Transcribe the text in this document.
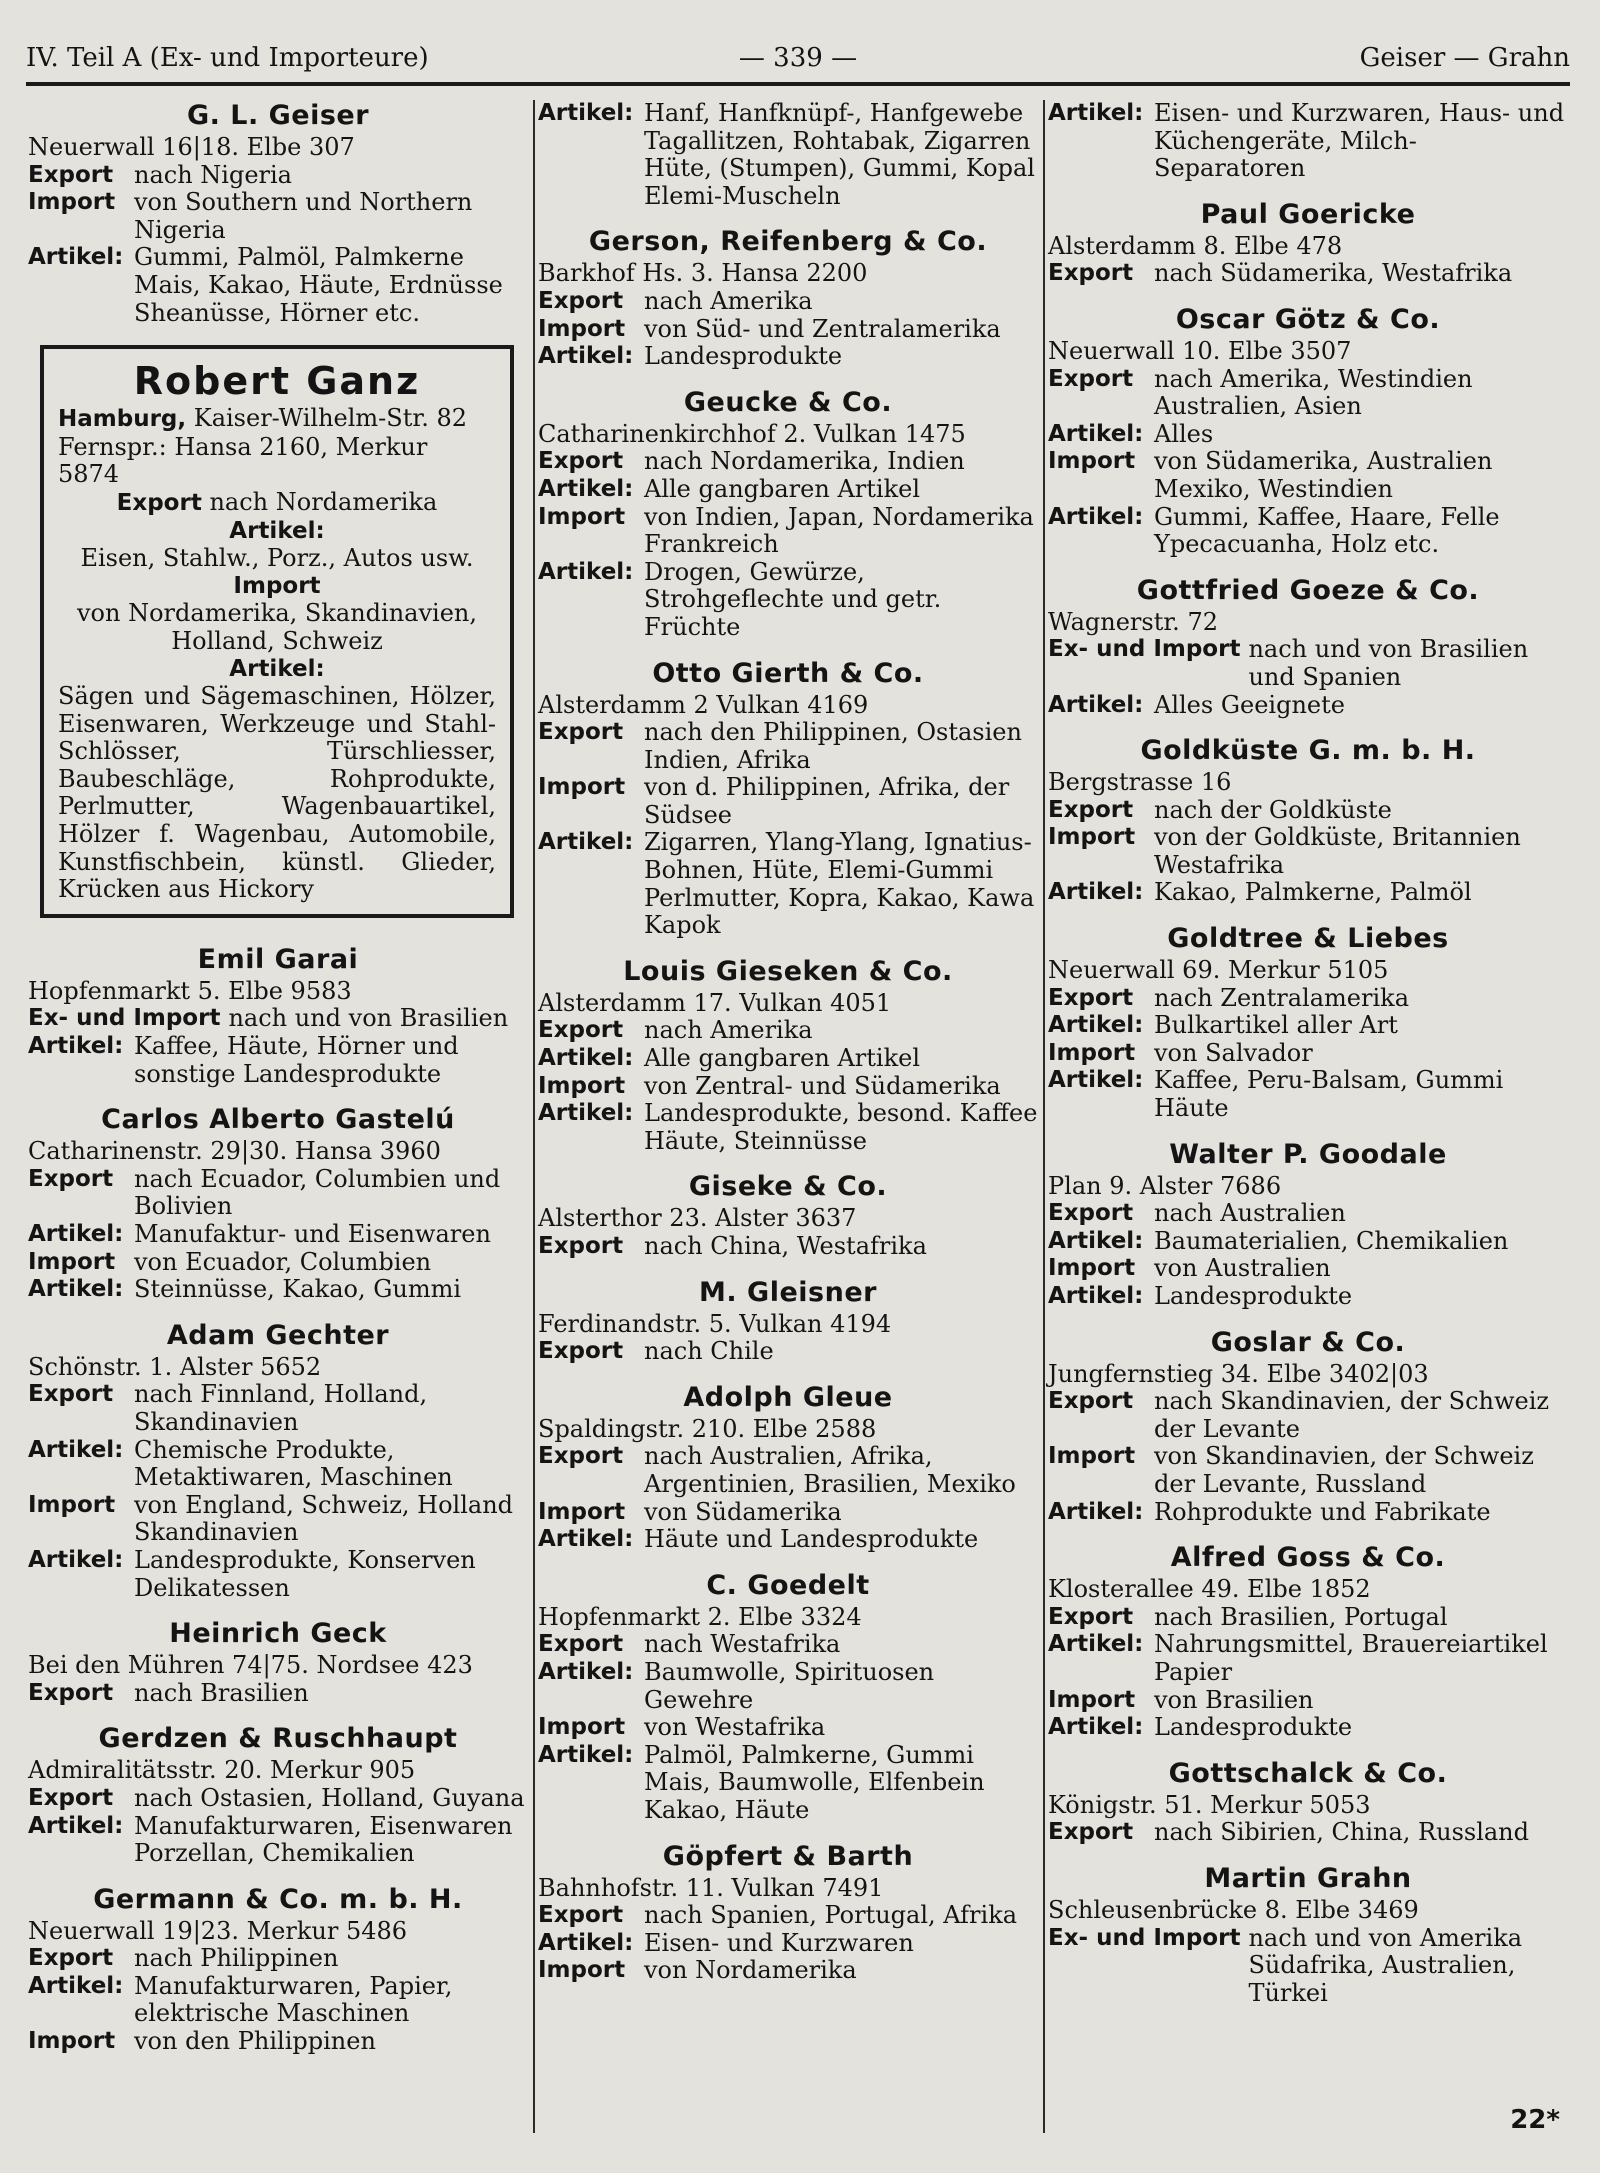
IV. Teil A (Ex- und Importeure)	— 339 —	Geiser — Grahn
G. L. Geiser
Neuerwall 16|18. Elbe 307
Export nach Nigeria
Import von Southern und Northern Nigeria
Artikel: Gummi, Palmöl, Palmkerne Mais, Kakao, Häute, Erdnüsse Sheanüsse, Hörner etc.
Robert Ganz
Hamburg, Kaiser-Wilhelm-Str. 82
Fernspr.: Hansa 2160, Merkur 5874
Export nach Nordamerika
Artikel:
Eisen, Stahlw., Porz., Autos usw.
Import
von Nordamerika, Skandinavien, Holland, Schweiz
Artikel:
Sägen und Sägemaschinen, Hölzer, Eisenwaren, Werkzeuge und Stahl-Schlösser, Türschliesser, Baubeschläge, Rohprodukte, Perlmutter, Wagenbauartikel, Hölzer f. Wagenbau, Automobile, Kunstfischbein, künstl. Glieder, Krücken aus Hickory
Emil Garai
Hopfenmarkt 5. Elbe 9583
Ex- und Import nach und von Brasilien
Artikel: Kaffee, Häute, Hörner und sonstige Landesprodukte
Carlos Alberto Gastelú
Catharinenstr. 29|30. Hansa 3960
Export nach Ecuador, Columbien und Bolivien
Artikel: Manufaktur- und Eisenwaren
Import von Ecuador, Columbien
Artikel: Steinnüsse, Kakao, Gummi
Adam Gechter
Schönstr. 1. Alster 5652
Export nach Finnland, Holland, Skandinavien
Artikel: Chemische Produkte, Metaktiwaren, Maschinen
Import von England, Schweiz, Holland Skandinavien
Artikel: Landesprodukte, Konserven Delikatessen
Heinrich Geck
Bei den Mühren 74|75. Nordsee 423
Export nach Brasilien
Gerdzen & Ruschhaupt
Admiralitätsstr. 20. Merkur 905
Export nach Ostasien, Holland, Guyana
Artikel: Manufakturwaren, Eisenwaren Porzellan, Chemikalien
Germann & Co. m. b. H.
Neuerwall 19|23. Merkur 5486
Export nach Philippinen
Artikel: Manufakturwaren, Papier, elektrische Maschinen
Import von den Philippinen
Artikel: Hanf, Hanfknüpf-, Hanfgewebe Tagallitzen, Rohtabak, Zigarren Hüte, (Stumpen), Gummi, Kopal Elemi-Muscheln
Gerson, Reifenberg & Co.
Barkhof Hs. 3. Hansa 2200
Export nach Amerika
Import von Süd- und Zentralamerika
Artikel: Landesprodukte
Geucke & Co.
Catharinenkirchhof 2. Vulkan 1475
Export nach Nordamerika, Indien
Artikel: Alle gangbaren Artikel
Import von Indien, Japan, Nordamerika Frankreich
Artikel: Drogen, Gewürze, Strohgeflechte und getr. Früchte
Otto Gierth & Co.
Alsterdamm 2 Vulkan 4169
Export nach den Philippinen, Ostasien Indien, Afrika
Import von d. Philippinen, Afrika, der Südsee
Artikel: Zigarren, Ylang-Ylang, Ignatius-Bohnen, Hüte, Elemi-Gummi Perlmutter, Kopra, Kakao, Kawa Kapok
Louis Gieseken & Co.
Alsterdamm 17. Vulkan 4051
Export nach Amerika
Artikel: Alle gangbaren Artikel
Import von Zentral- und Südamerika
Artikel: Landesprodukte, besond. Kaffee Häute, Steinnüsse
Giseke & Co.
Alsterthor 23. Alster 3637
Export nach China, Westafrika
M. Gleisner
Ferdinandstr. 5. Vulkan 4194
Export nach Chile
Adolph Gleue
Spaldingstr. 210. Elbe 2588
Export nach Australien, Afrika, Argentinien, Brasilien, Mexiko
Import von Südamerika
Artikel: Häute und Landesprodukte
C. Goedelt
Hopfenmarkt 2. Elbe 3324
Export nach Westafrika
Artikel: Baumwolle, Spirituosen Gewehre
Import von Westafrika
Artikel: Palmöl, Palmkerne, Gummi Mais, Baumwolle, Elfenbein Kakao, Häute
Göpfert & Barth
Bahnhofstr. 11. Vulkan 7491
Export nach Spanien, Portugal, Afrika
Artikel: Eisen- und Kurzwaren
Import von Nordamerika
Artikel: Eisen- und Kurzwaren, Haus- und Küchengeräte, Milch-Separatoren
Paul Goericke
Alsterdamm 8. Elbe 478
Export nach Südamerika, Westafrika
Oscar Götz & Co.
Neuerwall 10. Elbe 3507
Export nach Amerika, Westindien Australien, Asien
Artikel: Alles
Import von Südamerika, Australien Mexiko, Westindien
Artikel: Gummi, Kaffee, Haare, Felle Ypecacuanha, Holz etc.
Gottfried Goeze & Co.
Wagnerstr. 72
Ex- und Import nach und von Brasilien und Spanien
Artikel: Alles Geeignete
Goldküste G. m. b. H.
Bergstrasse 16
Export nach der Goldküste
Import von der Goldküste, Britannien Westafrika
Artikel: Kakao, Palmkerne, Palmöl
Goldtree & Liebes
Neuerwall 69. Merkur 5105
Export nach Zentralamerika
Artikel: Bulkartikel aller Art
Import von Salvador
Artikel: Kaffee, Peru-Balsam, Gummi Häute
Walter P. Goodale
Plan 9. Alster 7686
Export nach Australien
Artikel: Baumaterialien, Chemikalien
Import von Australien
Artikel: Landesprodukte
Goslar & Co.
Jungfernstieg 34. Elbe 3402|03
Export nach Skandinavien, der Schweiz der Levante
Import von Skandinavien, der Schweiz der Levante, Russland
Artikel: Rohprodukte und Fabrikate
Alfred Goss & Co.
Klosterallee 49. Elbe 1852
Export nach Brasilien, Portugal
Artikel: Nahrungsmittel, Brauereiartikel Papier
Import von Brasilien
Artikel: Landesprodukte
Gottschalck & Co.
Königstr. 51. Merkur 5053
Export nach Sibirien, China, Russland
Martin Grahn
Schleusenbrücke 8. Elbe 3469
Ex- und Import nach und von Amerika Südafrika, Australien, Türkei
22*
